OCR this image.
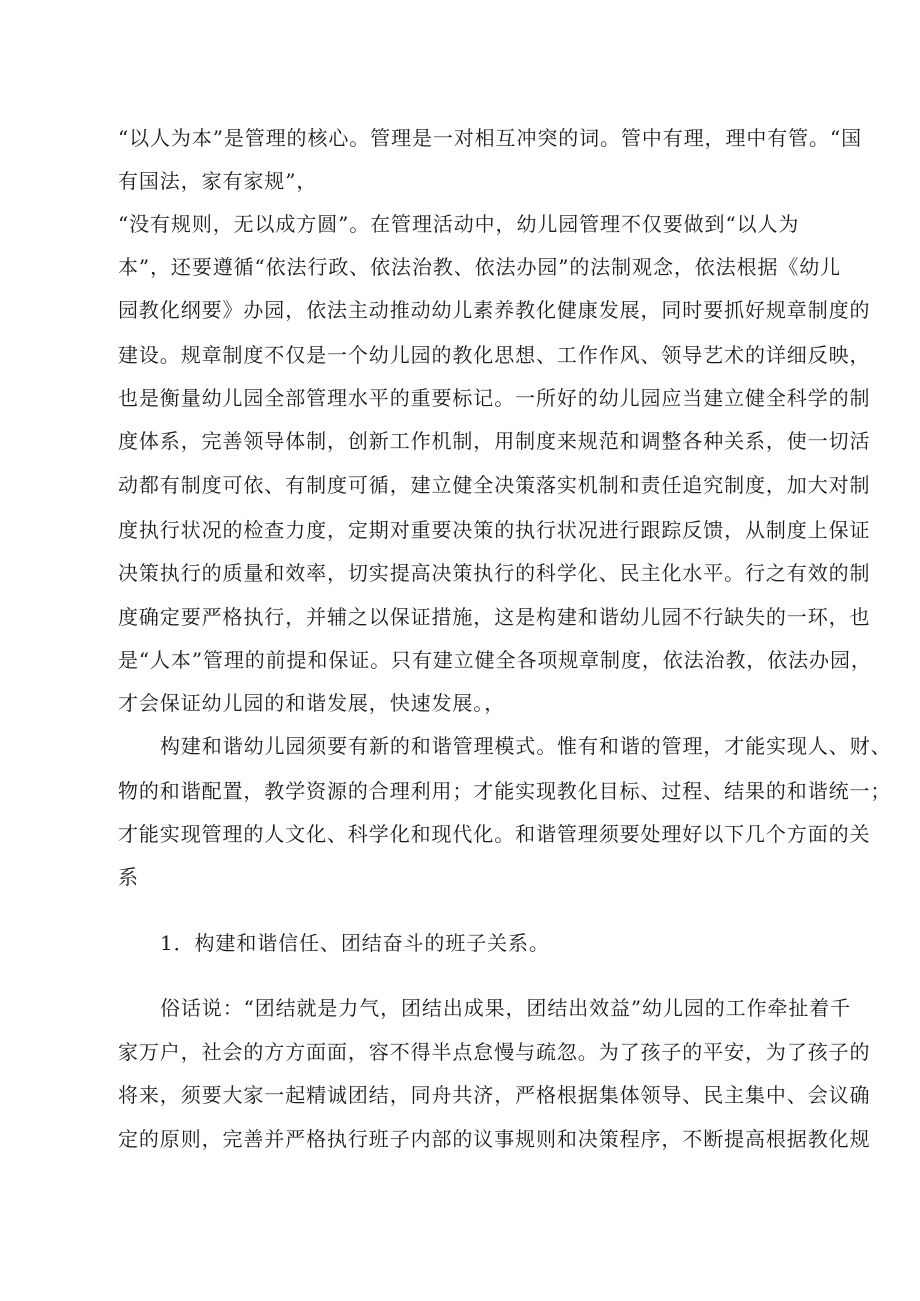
“以人为本”是管理的核心。管理是一对相互冲突的词。管中有理，理中有管。“国
有国法，家有家规”，
“没有规则，无以成方圆”。在管理活动中，幼儿园管理不仅要做到“以人为
本”，还要遵循“依法行政、依法治教、依法办园”的法制观念，依法根据《幼儿
园教化纲要》办园，依法主动推动幼儿素养教化健康发展，同时要抓好规章制度的
建设。规章制度不仅是一个幼儿园的教化思想、工作作风、领导艺术的详细反映，
也是衡量幼儿园全部管理水平的重要标记。一所好的幼儿园应当建立健全科学的制
度体系，完善领导体制，创新工作机制，用制度来规范和调整各种关系，使一切活
动都有制度可依、有制度可循，建立健全决策落实机制和责任追究制度，加大对制
度执行状况的检查力度，定期对重要决策的执行状况进行跟踪反馈，从制度上保证
决策执行的质量和效率，切实提高决策执行的科学化、民主化水平。行之有效的制
度确定要严格执行，并辅之以保证措施，这是构建和谐幼儿园不行缺失的一环，也
是“人本”管理的前提和保证。只有建立健全各项规章制度，依法治教，依法办园，
才会保证幼儿园的和谐发展，快速发展。，
构建和谐幼儿园须要有新的和谐管理模式。惟有和谐的管理，才能实现人、财、
物的和谐配置，教学资源的合理利用；才能实现教化目标、过程、结果的和谐统一；
才能实现管理的人文化、科学化和现代化。和谐管理须要处理好以下几个方面的关
系
1．构建和谐信任、团结奋斗的班子关系。
俗话说：“团结就是力气，团结出成果，团结出效益”幼儿园的工作牵扯着千
家万户，社会的方方面面，容不得半点怠慢与疏忽。为了孩子的平安，为了孩子的
将来，须要大家一起精诚团结，同舟共济，严格根据集体领导、民主集中、会议确
定的原则，完善并严格执行班子内部的议事规则和决策程序，不断提高根据教化规
